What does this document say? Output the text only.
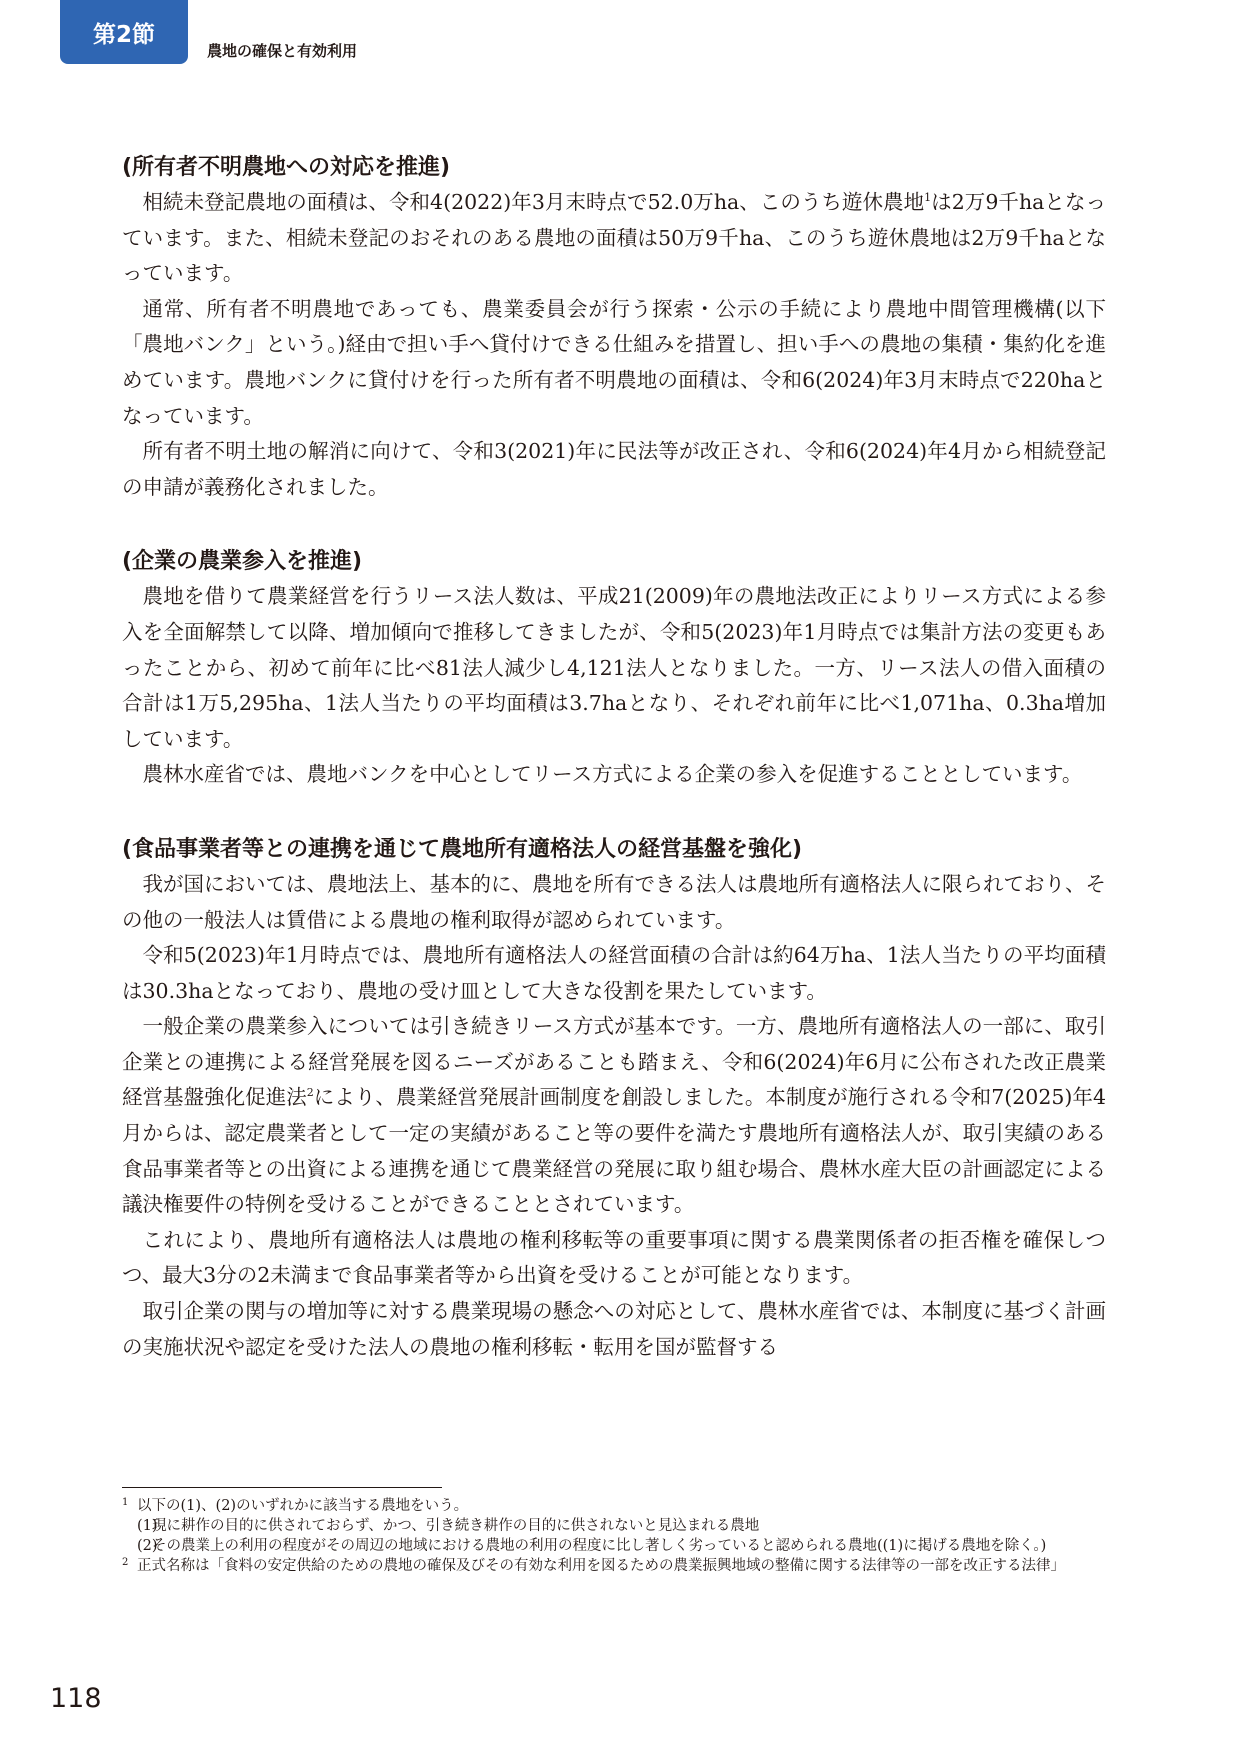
第2節
農地の確保と有効利用
(所有者不明農地への対応を推進)

相続未登記農地の面積は、令和4(2022)年3月末時点で52.0万ha、このうち遊休農地$^1$は2万9千haとなっています。また、相続未登記のおそれのある農地の面積は50万9千ha、このうち遊休農地は2万9千haとなっています。

通常、所有者不明農地であっても、農業委員会が行う探索・公示の手続により農地中間管理機構(以下「農地バンク」という。)経由で担い手へ貸付けできる仕組みを措置し、担い手への農地の集積・集約化を進めています。農地バンクに貸付けを行った所有者不明農地の面積は、令和6(2024)年3月末時点で220haとなっています。

所有者不明土地の解消に向けて、令和3(2021)年に民法等が改正され、令和6(2024)年4月から相続登記の申請が義務化されました。

(企業の農業参入を推進)

農地を借りて農業経営を行うリース法人数は、平成21(2009)年の農地法改正によりリース方式による参入を全面解禁して以降、増加傾向で推移してきましたが、令和5(2023)年1月時点では集計方法の変更もあったことから、初めて前年に比べ81法人減少し4,121法人となりました。一方、リース法人の借入面積の合計は1万5,295ha、1法人当たりの平均面積は3.7haとなり、それぞれ前年に比べ1,071ha、0.3ha増加しています。

農林水産省では、農地バンクを中心としてリース方式による企業の参入を促進することとしています。

(食品事業者等との連携を通じて農地所有適格法人の経営基盤を強化)

我が国においては、農地法上、基本的に、農地を所有できる法人は農地所有適格法人に限られており、その他の一般法人は賃借による農地の権利取得が認められています。

令和5(2023)年1月時点では、農地所有適格法人の経営面積の合計は約64万ha、1法人当たりの平均面積は30.3haとなっており、農地の受け皿として大きな役割を果たしています。

一般企業の農業参入については引き続きリース方式が基本です。一方、農地所有適格法人の一部に、取引企業との連携による経営発展を図るニーズがあることも踏まえ、令和6(2024)年6月に公布された改正農業経営基盤強化促進法$^2$により、農業経営発展計画制度を創設しました。本制度が施行される令和7(2025)年4月からは、認定農業者として一定の実績があること等の要件を満たす農地所有適格法人が、取引実績のある食品事業者等との出資による連携を通じて農業経営の発展に取り組む場合、農林水産大臣の計画認定による議決権要件の特例を受けることができることとされています。

これにより、農地所有適格法人は農地の権利移転等の重要事項に関する農業関係者の拒否権を確保しつつ、最大3分の2未満まで食品事業者等から出資を受けることが可能となります。

取引企業の関与の増加等に対する農業現場の懸念への対応として、農林水産省では、本制度に基づく計画の実施状況や認定を受けた法人の農地の権利移転・転用を国が監督する

1 以下の(1)、(2)のいずれかに該当する農地をいう。
(1)
現に耕作の目的に供されておらず、かつ、引き続き耕作の目的に供されないと見込まれる農地
(2)
その農業上の利用の程度がその周辺の地域における農地の利用の程度に比し著しく劣っていると認められる農地((1)に掲げる農地を除く。)
2 正式名称は「食料の安定供給のための農地の確保及びその有効な利用を図るための農業振興地域の整備に関する法律等の一部を改正する法律」
118
